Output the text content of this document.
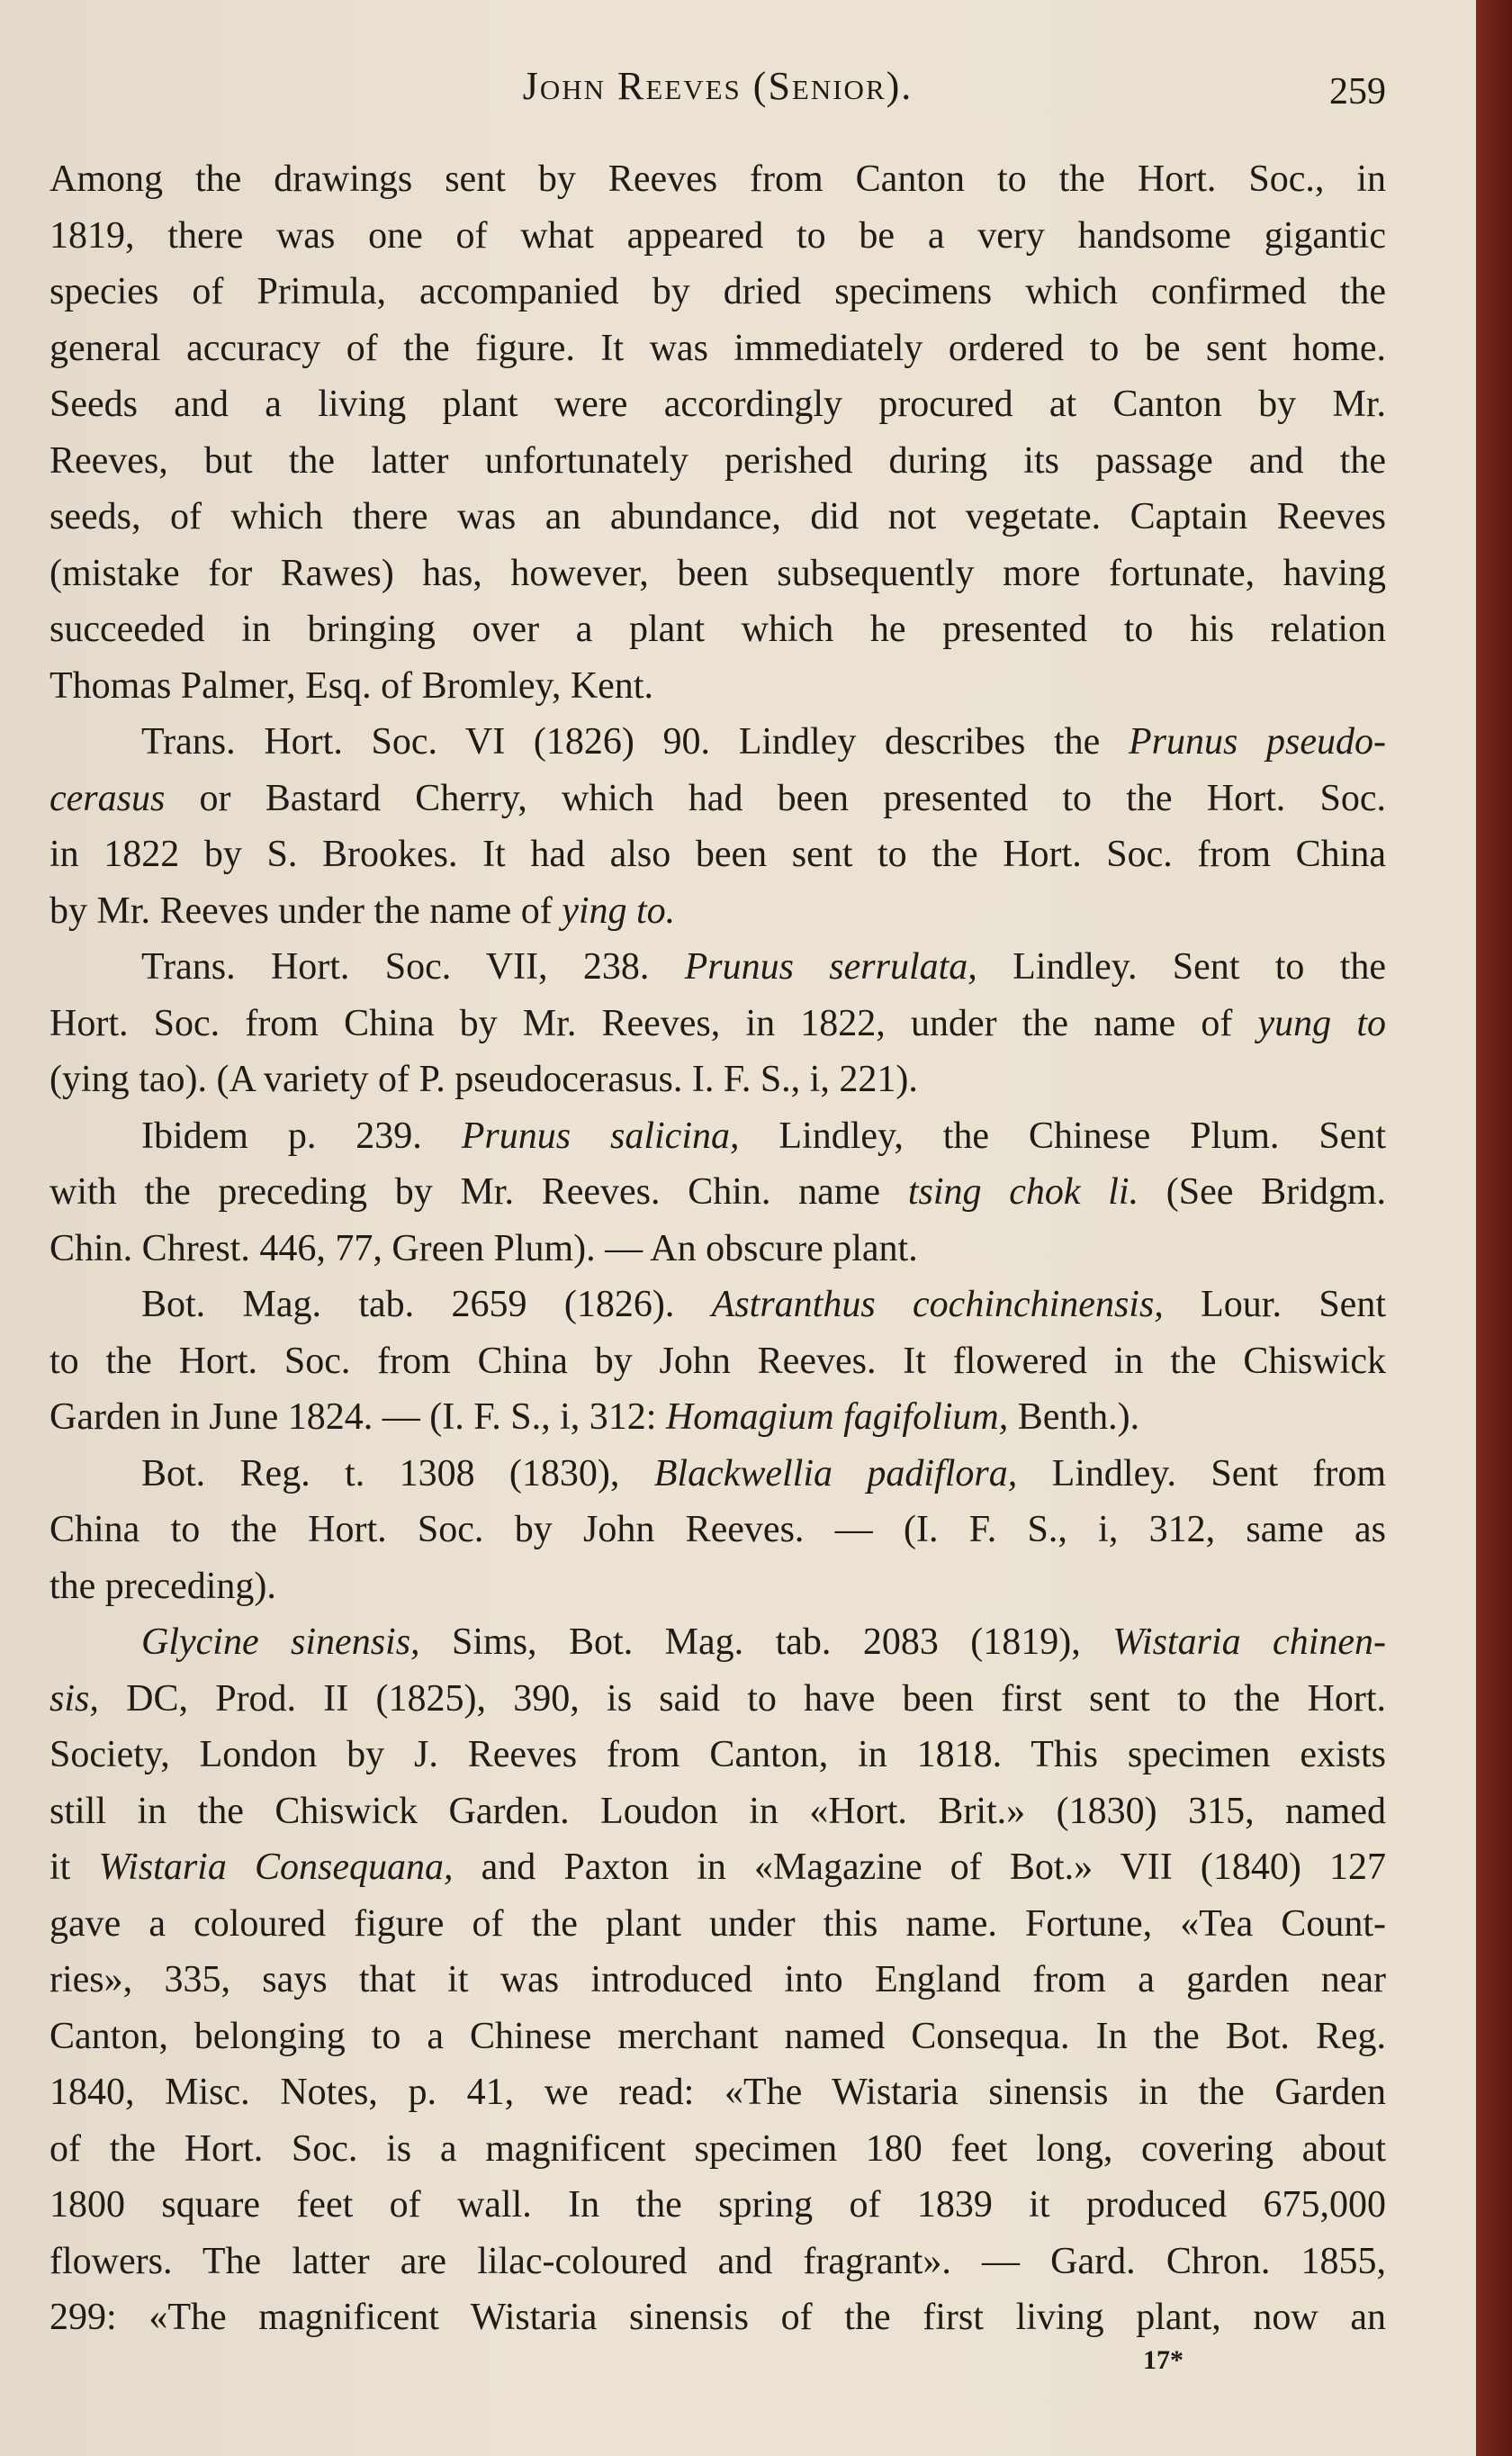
John Reeves (Senior).	259
Among the drawings sent by Reeves from Canton to the Hort. Soc., in
1819, there was one of what appeared to be a very handsome gigantic
species of Primula, accompanied by dried specimens which confirmed the
general accuracy of the figure. It was immediately ordered to be sent home.
Seeds and a living plant were accordingly procured at Canton by Mr.
Reeves, but the latter unfortunately perished during its passage and the
seeds, of which there was an abundance, did not vegetate. Captain Reeves
(mistake for Rawes) has, however, been subsequently more fortunate, having
succeeded in bringing over a plant which he presented to his relation
Thomas Palmer, Esq. of Bromley, Kent.
Trans. Hort. Soc. VI (1826) 90. Lindley describes the Prunus pseudo-
cerasus or Bastard Cherry, which had been presented to the Hort. Soc.
in 1822 by S. Brookes. It had also been sent to the Hort. Soc. from China
by Mr. Reeves under the name of ying to.
Trans. Hort. Soc. VII, 238. Prunus serrulata, Lindley. Sent to the
Hort. Soc. from China by Mr. Reeves, in 1822, under the name of yung to
(ying tao). (A variety of P. pseudocerasus. I. F. S., i, 221).
Ibidem p. 239. Prunus salicina, Lindley, the Chinese Plum. Sent
with the preceding by Mr. Reeves. Chin. name tsing chok li. (See Bridgm.
Chin. Chrest. 446, 77, Green Plum). — An obscure plant.
Bot. Mag. tab. 2659 (1826). Astranthus cochinchinensis, Lour. Sent
to the Hort. Soc. from China by John Reeves. It flowered in the Chiswick
Garden in June 1824. — (I. F. S., i, 312: Homagium fagifolium, Benth.).
Bot. Reg. t. 1308 (1830), Blackwellia padiflora, Lindley. Sent from
China to the Hort. Soc. by John Reeves. — (I. F. S., i, 312, same as
the preceding).
Glycine sinensis, Sims, Bot. Mag. tab. 2083 (1819), Wistaria chinen-
sis, DC, Prod. II (1825), 390, is said to have been first sent to the Hort.
Society, London by J. Reeves from Canton, in 1818. This specimen exists
still in the Chiswick Garden. Loudon in «Hort. Brit.» (1830) 315, named
it Wistaria Consequana, and Paxton in «Magazine of Bot.» VII (1840) 127
gave a coloured figure of the plant under this name. Fortune, «Tea Count-
ries», 335, says that it was introduced into England from a garden near
Canton, belonging to a Chinese merchant named Consequa. In the Bot. Reg.
1840, Misc. Notes, p. 41, we read: «The Wistaria sinensis in the Garden
of the Hort. Soc. is a magnificent specimen 180 feet long, covering about
1800 square feet of wall. In the spring of 1839 it produced 675,000
flowers. The latter are lilac-coloured and fragrant». — Gard. Chron. 1855,
299: «The magnificent Wistaria sinensis of the first living plant, now an
17*
